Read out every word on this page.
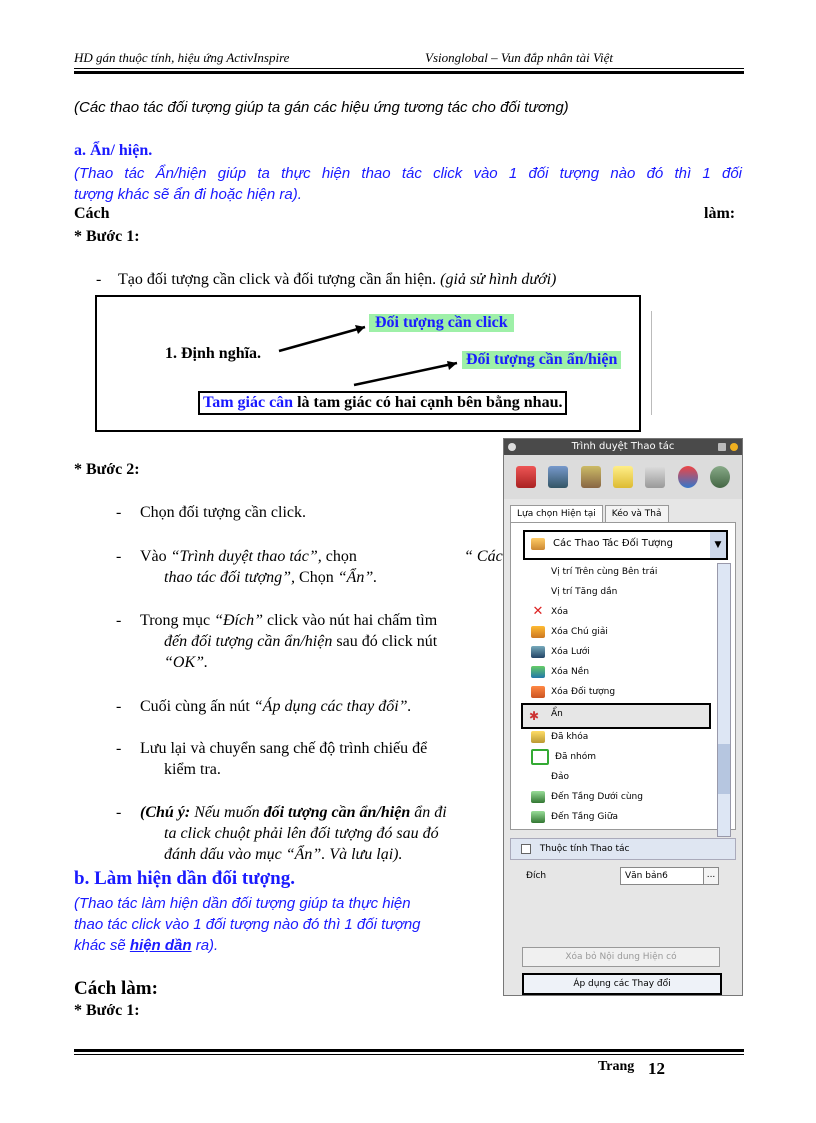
HD gán thuộc tính, hiệu ứng ActivInspire	Vsionglobal – Vun đắp nhân tài Việt
(Các thao tác đối tượng giúp ta gán các hiệu ứng tương tác cho đối tương)
a. Ẩn/ hiện.
(Thao tác Ẩn/hiện giúp ta thực hiện thao tác click vào 1 đối tượng nào đó thì 1 đối
tượng khác sẽ ẩn đi hoặc hiện ra).
Cách	làm:
* Bước 1:
- Tạo đối tượng cần click và đối tượng cần ẩn hiện. (giả sử hình dưới)
Đối tượng cần click
Đối tượng cần ẩn/hiện
1. Định nghĩa.
Tam giác cân là tam giác có hai cạnh bên bằng nhau.
* Bước 2:
- Chọn đối tượng cần click.
- Vào “Trình duyệt thao tác”, chọn	“ Các
thao tác đối tượng”, Chọn “Ẩn”.
- Trong mục “Đích” click vào nút hai chấm tìm
đến đối tượng cần ẩn/hiện sau đó click nút
“OK”.
- Cuối cùng ấn nút “Áp dụng các thay đổi”.
- Lưu lại và chuyển sang chế độ trình chiếu để
kiểm tra.
- (Chú ý: Nếu muốn đối tượng cần ẩn/hiện ẩn đi
ta click chuột phải lên đối tượng đó sau đó
đánh dấu vào mục “Ẩn”. Và lưu lại).
b. Làm hiện dần đối tượng.
(Thao tác làm hiện dần đối tượng giúp ta thực hiện
thao tác click vào 1 đối tượng nào đó thì 1 đối tượng
khác sẽ hiện dần ra).
Cách làm:
* Bước 1:
Trình duyệt Thao tác
Lựa chọn Hiện tại	Kéo và Thả
Các Thao Tác Đối Tượng	▼
Vị trí Trên cùng Bên trái
Vị trí Tăng dần
✕ Xóa
Xóa Chú giải
Xóa Lưới
Xóa Nền
Xóa Đối tượng
✱ Ẩn
Đã khóa
Đã nhóm
Đảo
Đến Tầng Dưới cùng
Đến Tầng Giữa
Thuộc tính Thao tác
Đích	Văn bản6	...
Xóa bỏ Nội dung Hiện có
Áp dụng các Thay đổi
Trang 12
